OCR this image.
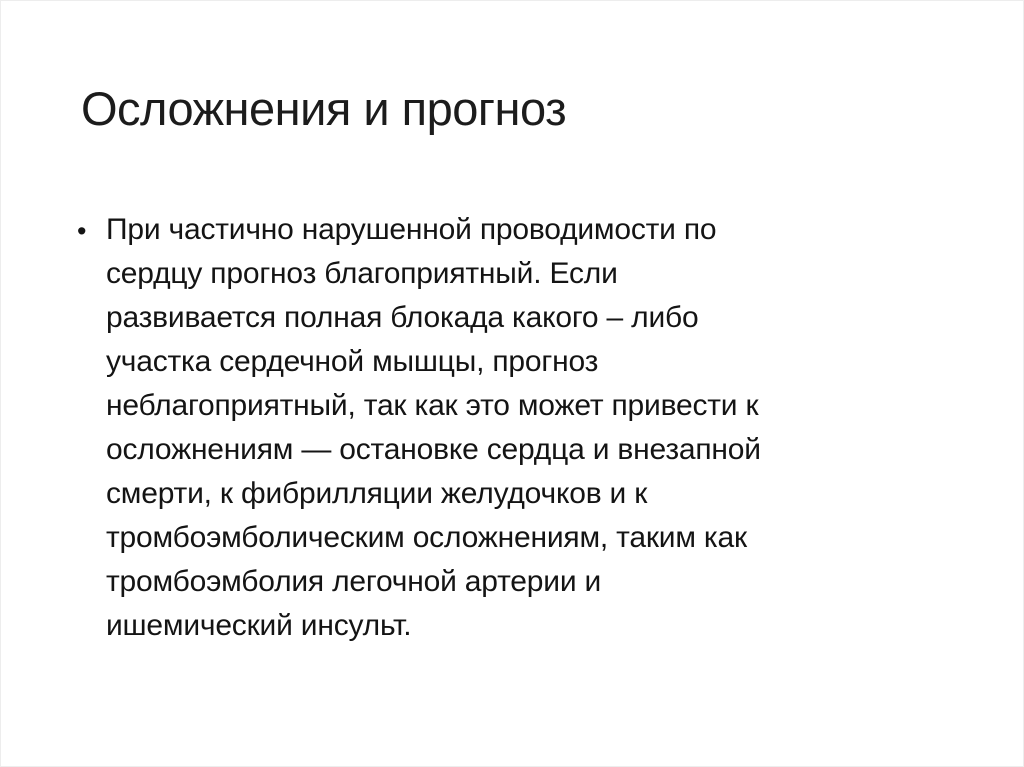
Осложнения и прогноз
• При частично нарушенной проводимости по
сердцу прогноз благоприятный. Если
развивается полная блокада какого – либо
участка сердечной мышцы, прогноз
неблагоприятный, так как это может привести к
осложнениям — остановке сердца и внезапной
смерти, к фибрилляции желудочков и к
тромбоэмболическим осложнениям, таким как
тромбоэмболия легочной артерии и
ишемический инсульт.
